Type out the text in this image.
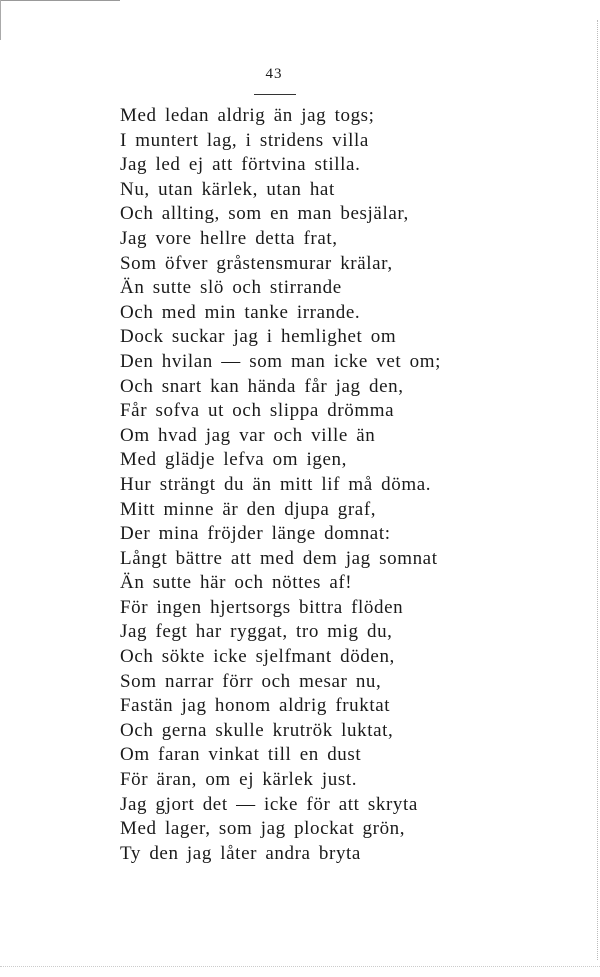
43
Med ledan aldrig än jag togs;
I muntert lag, i stridens villa
Jag led ej att förtvina stilla.
Nu, utan kärlek, utan hat
Och allting, som en man besjälar,
Jag vore hellre detta frat,
Som öfver gråstensmurar krälar,
Än sutte slö och stirrande
Och med min tanke irrande.
Dock suckar jag i hemlighet om
Den hvilan — som man icke vet om;
Och snart kan hända får jag den,
Får sofva ut och slippa drömma
Om hvad jag var och ville än
Med glädje lefva om igen,
Hur strängt du än mitt lif må döma.
Mitt minne är den djupa graf,
Der mina fröjder länge domnat:
Långt bättre att med dem jag somnat
Än sutte här och nöttes af!
För ingen hjertsorgs bittra flöden
Jag fegt har ryggat, tro mig du,
Och sökte icke sjelfmant döden,
Som narrar förr och mesar nu,
Fastän jag honom aldrig fruktat
Och gerna skulle krutrök luktat,
Om faran vinkat till en dust
För äran, om ej kärlek just.
Jag gjort det — icke för att skryta
Med lager, som jag plockat grön,
Ty den jag låter andra bryta
